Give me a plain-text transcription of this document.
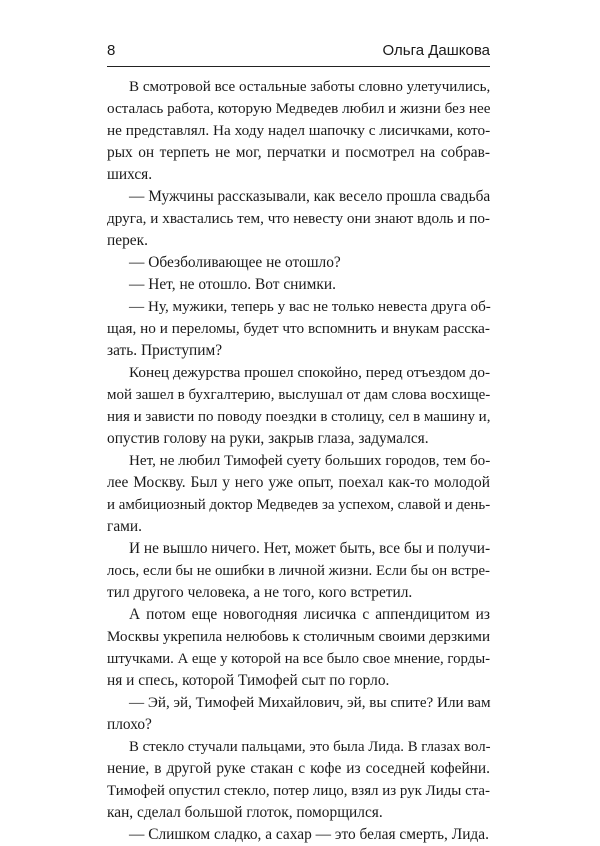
8	Ольга Дашкова
В смотровой все остальные заботы словно улетучились,
осталась работа, которую Медведев любил и жизни без нее
не представлял. На ходу надел шапочку с лисичками, кото-
рых он терпеть не мог, перчатки и посмотрел на собрав-
шихся.
— Мужчины рассказывали, как весело прошла свадьба
друга, и хвастались тем, что невесту они знают вдоль и по-
перек.
— Обезболивающее не отошло?
— Нет, не отошло. Вот снимки.
— Ну, мужики, теперь у вас не только невеста друга об-
щая, но и переломы, будет что вспомнить и внукам расска-
зать. Приступим?
Конец дежурства прошел спокойно, перед отъездом до-
мой зашел в бухгалтерию, выслушал от дам слова восхище-
ния и зависти по поводу поездки в столицу, сел в машину и,
опустив голову на руки, закрыв глаза, задумался.
Нет, не любил Тимофей суету больших городов, тем бо-
лее Москву. Был у него уже опыт, поехал как-то молодой
и амбициозный доктор Медведев за успехом, славой и день-
гами.
И не вышло ничего. Нет, может быть, все бы и получи-
лось, если бы не ошибки в личной жизни. Если бы он встре-
тил другого человека, а не того, кого встретил.
А потом еще новогодняя лисичка с аппендицитом из
Москвы укрепила нелюбовь к столичным своими дерзкими
штучками. А еще у которой на все было свое мнение, горды-
ня и спесь, которой Тимофей сыт по горло.
— Эй, эй, Тимофей Михайлович, эй, вы спите? Или вам
плохо?
В стекло стучали пальцами, это была Лида. В глазах вол-
нение, в другой руке стакан с кофе из соседней кофейни.
Тимофей опустил стекло, потер лицо, взял из рук Лиды ста-
кан, сделал большой глоток, поморщился.
— Слишком сладко, а сахар — это белая смерть, Лида.
